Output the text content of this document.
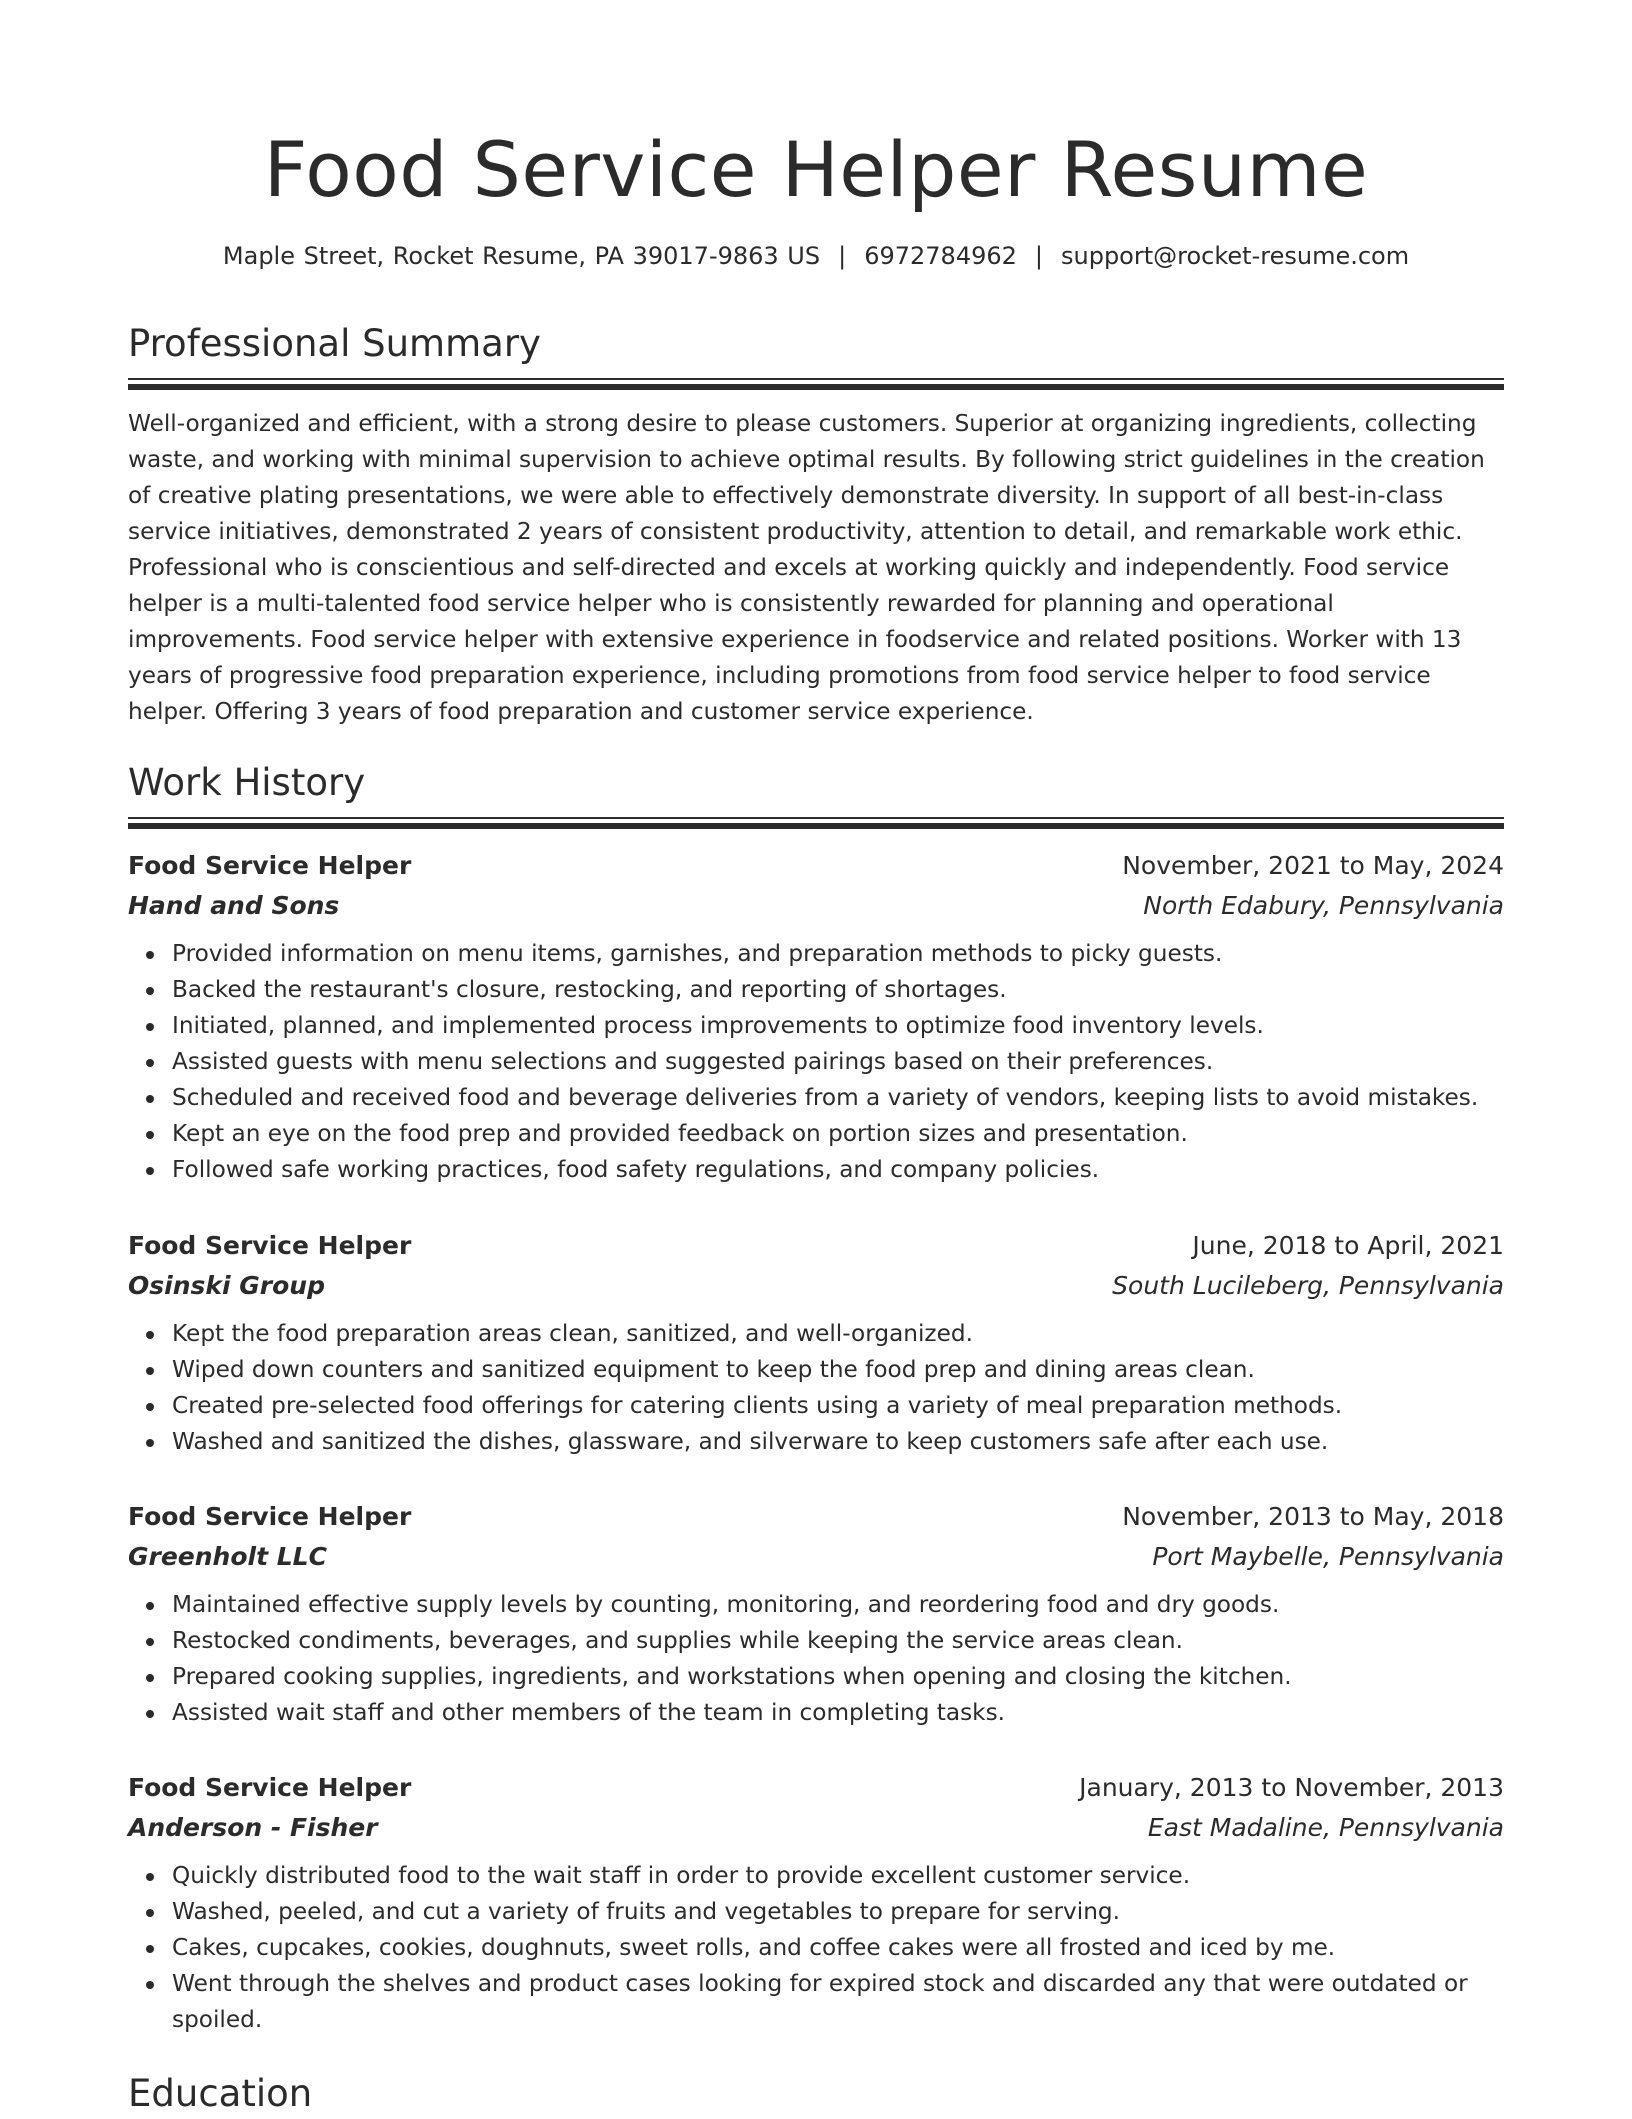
Food Service Helper Resume
Maple Street, Rocket Resume, PA 39017-9863 US | 6972784962 | support@rocket-resume.com
Professional Summary

Well-organized and efficient, with a strong desire to please customers. Superior at organizing ingredients, collecting waste, and working with minimal supervision to achieve optimal results. By following strict guidelines in the creation of creative plating presentations, we were able to effectively demonstrate diversity. In support of all best-in-class service initiatives, demonstrated 2 years of consistent productivity, attention to detail, and remarkable work ethic. Professional who is conscientious and self-directed and excels at working quickly and independently. Food service helper is a multi-talented food service helper who is consistently rewarded for planning and operational improvements. Food service helper with extensive experience in foodservice and related positions. Worker with 13 years of progressive food preparation experience, including promotions from food service helper to food service helper. Offering 3 years of food preparation and customer service experience.

Work History
Food Service Helper	November, 2021 to May, 2024
Hand and Sons	North Edabury, Pennsylvania
Provided information on menu items, garnishes, and preparation methods to picky guests.
Backed the restaurant's closure, restocking, and reporting of shortages.
Initiated, planned, and implemented process improvements to optimize food inventory levels.
Assisted guests with menu selections and suggested pairings based on their preferences.
Scheduled and received food and beverage deliveries from a variety of vendors, keeping lists to avoid mistakes.
Kept an eye on the food prep and provided feedback on portion sizes and presentation.
Followed safe working practices, food safety regulations, and company policies.
Food Service Helper	June, 2018 to April, 2021
Osinski Group	South Lucileberg, Pennsylvania
Kept the food preparation areas clean, sanitized, and well-organized.
Wiped down counters and sanitized equipment to keep the food prep and dining areas clean.
Created pre-selected food offerings for catering clients using a variety of meal preparation methods.
Washed and sanitized the dishes, glassware, and silverware to keep customers safe after each use.
Food Service Helper	November, 2013 to May, 2018
Greenholt LLC	Port Maybelle, Pennsylvania
Maintained effective supply levels by counting, monitoring, and reordering food and dry goods.
Restocked condiments, beverages, and supplies while keeping the service areas clean.
Prepared cooking supplies, ingredients, and workstations when opening and closing the kitchen.
Assisted wait staff and other members of the team in completing tasks.
Food Service Helper	January, 2013 to November, 2013
Anderson - Fisher	East Madaline, Pennsylvania
Quickly distributed food to the wait staff in order to provide excellent customer service.
Washed, peeled, and cut a variety of fruits and vegetables to prepare for serving.
Cakes, cupcakes, cookies, doughnuts, sweet rolls, and coffee cakes were all frosted and iced by me.
Went through the shelves and product cases looking for expired stock and discarded any that were outdated or spoiled.
Education
